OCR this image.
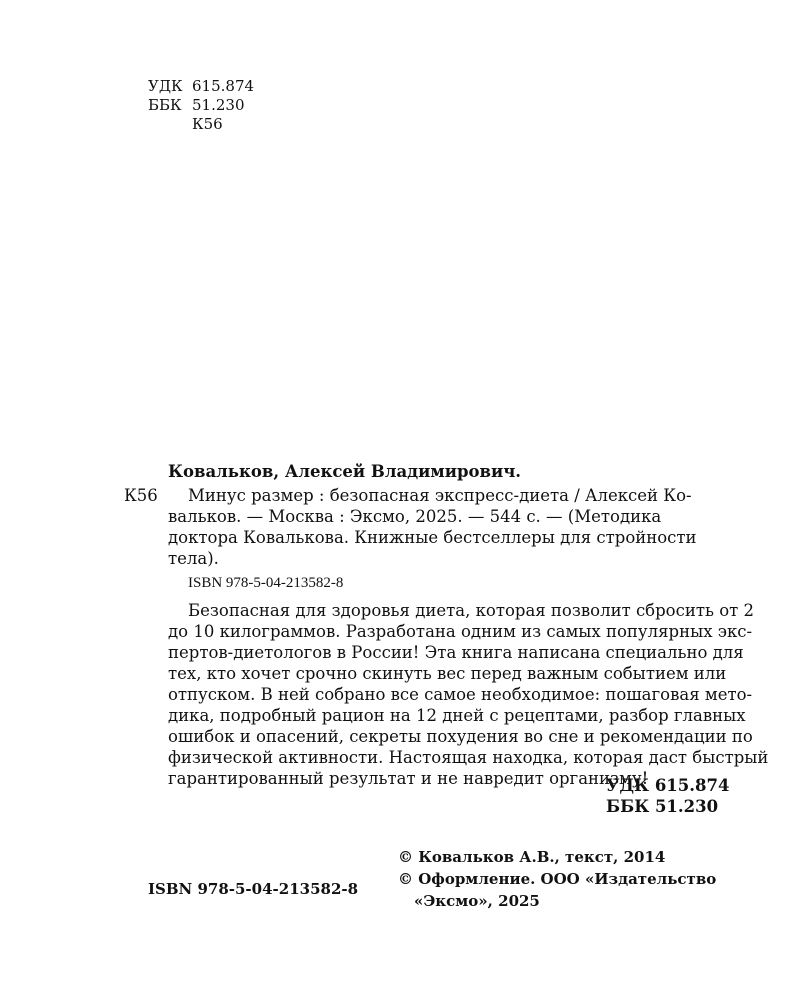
УДК 615.874
ББК 51.230
К56
Ковальков, Алексей Владимирович.
К56	Минус размер : безопасная экспресс-диета / Алексей Ко-
вальков. — Москва : Эксмо, 2025. — 544 с. — (Методика
доктора Ковалькова. Книжные бестселлеры для стройности
тела).
ISBN 978-5-04-213582-8
Безопасная для здоровья диета, которая позволит сбросить от 2
до 10 килограммов. Разработана одним из самых популярных экс-
пертов-диетологов в России! Эта книга написана специально для
тех, кто хочет срочно скинуть вес перед важным событием или
отпуском. В ней собрано все самое необходимое: пошаговая мето-
дика, подробный рацион на 12 дней с рецептами, разбор главных
ошибок и опасений, секреты похудения во сне и рекомендации по
физической активности. Настоящая находка, которая даст быстрый
гарантированный результат и не навредит организму!
УДК 615.874
ББК 51.230
© Ковальков А.В., текст, 2014
© Оформление. ООО «Издательство
«Эксмо», 2025
ISBN 978-5-04-213582-8
